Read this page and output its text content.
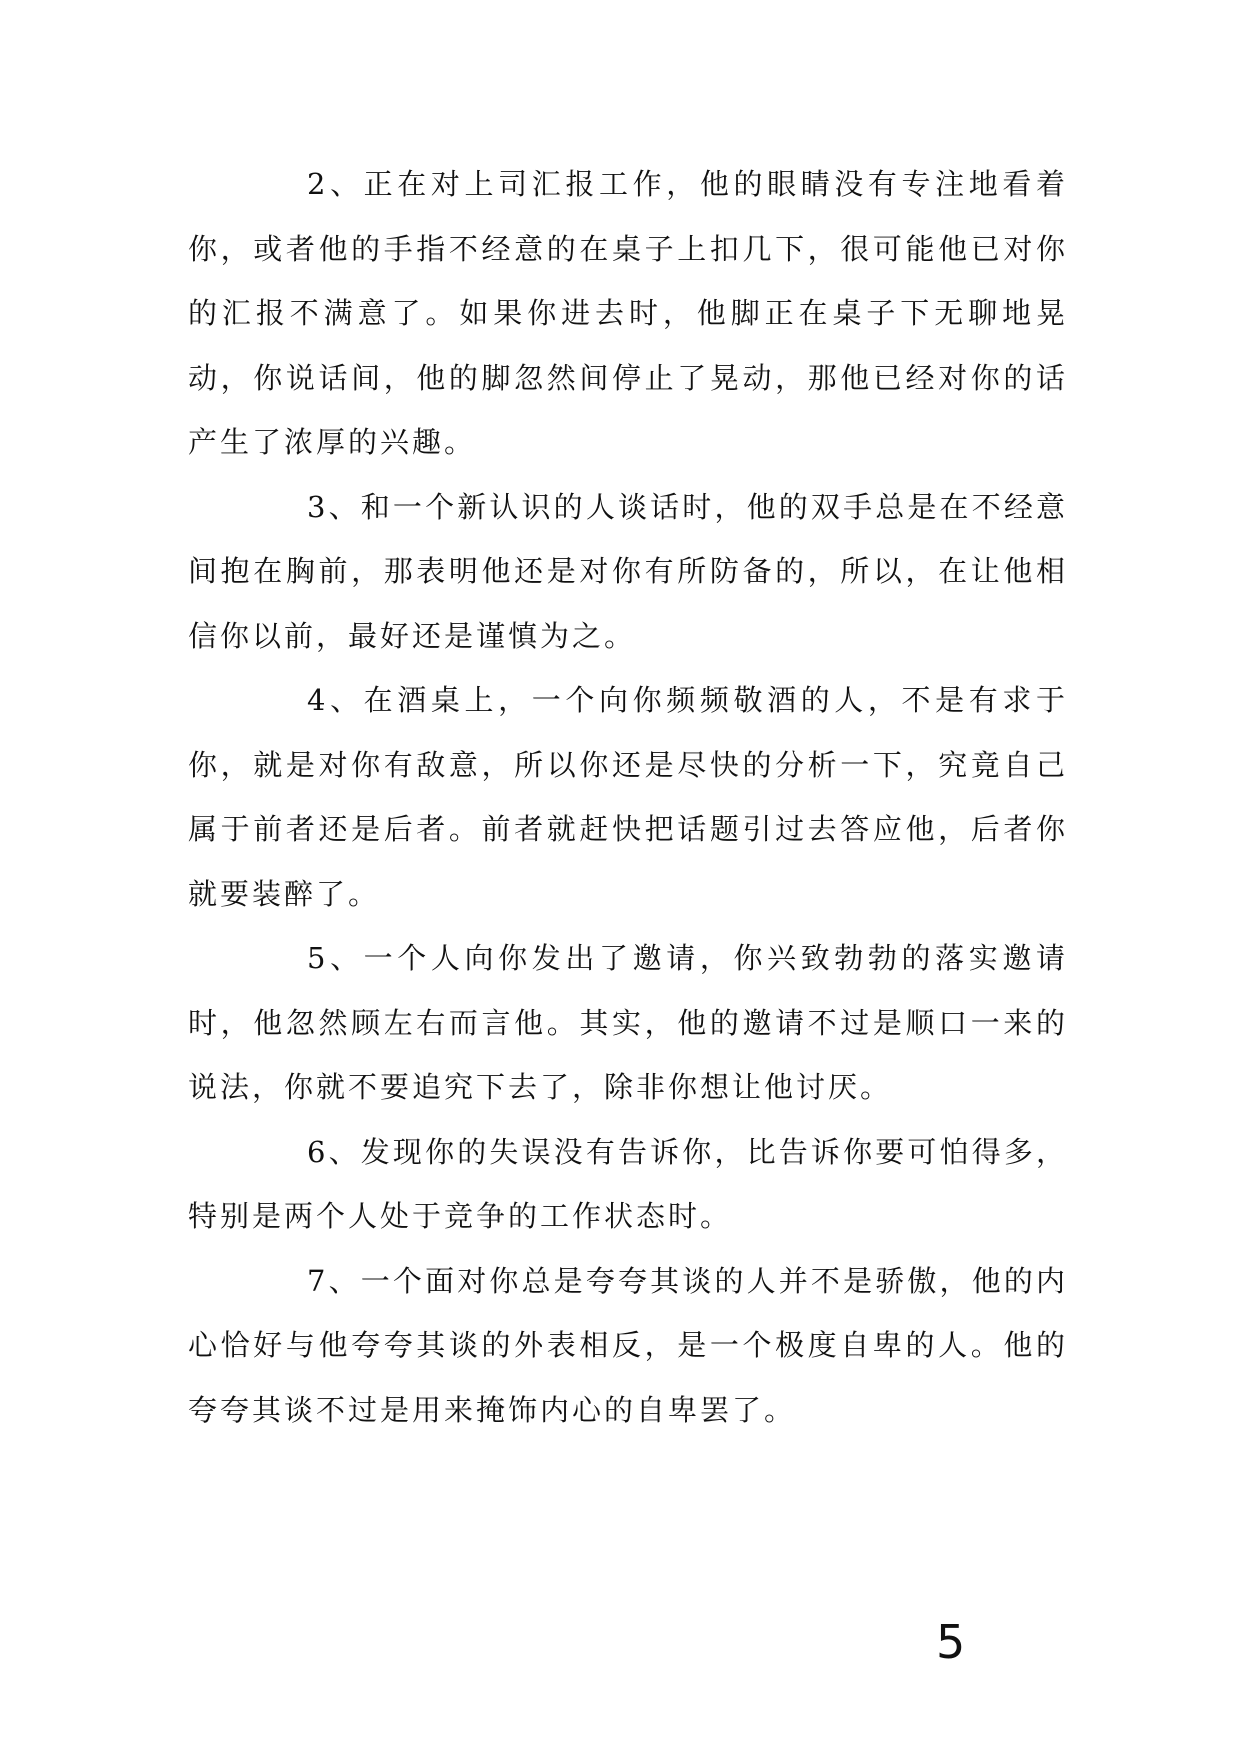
2、正在对上司汇报工作，他的眼睛没有专注地看着你，或者他的手指不经意的在桌子上扣几下，很可能他已对你的汇报不满意了。如果你进去时，他脚正在桌子下无聊地晃动，你说话间，他的脚忽然间停止了晃动，那他已经对你的话产生了浓厚的兴趣。

3、和一个新认识的人谈话时，他的双手总是在不经意间抱在胸前，那表明他还是对你有所防备的，所以，在让他相信你以前，最好还是谨慎为之。

4、在酒桌上，一个向你频频敬酒的人，不是有求于你，就是对你有敌意，所以你还是尽快的分析一下，究竟自己属于前者还是后者。前者就赶快把话题引过去答应他，后者你就要装醉了。

5、一个人向你发出了邀请，你兴致勃勃的落实邀请时，他忽然顾左右而言他。其实，他的邀请不过是顺口一来的说法，你就不要追究下去了，除非你想让他讨厌。

6、发现你的失误没有告诉你，比告诉你要可怕得多，特别是两个人处于竞争的工作状态时。

7、一个面对你总是夸夸其谈的人并不是骄傲，他的内心恰好与他夸夸其谈的外表相反，是一个极度自卑的人。他的夸夸其谈不过是用来掩饰内心的自卑罢了。

5
